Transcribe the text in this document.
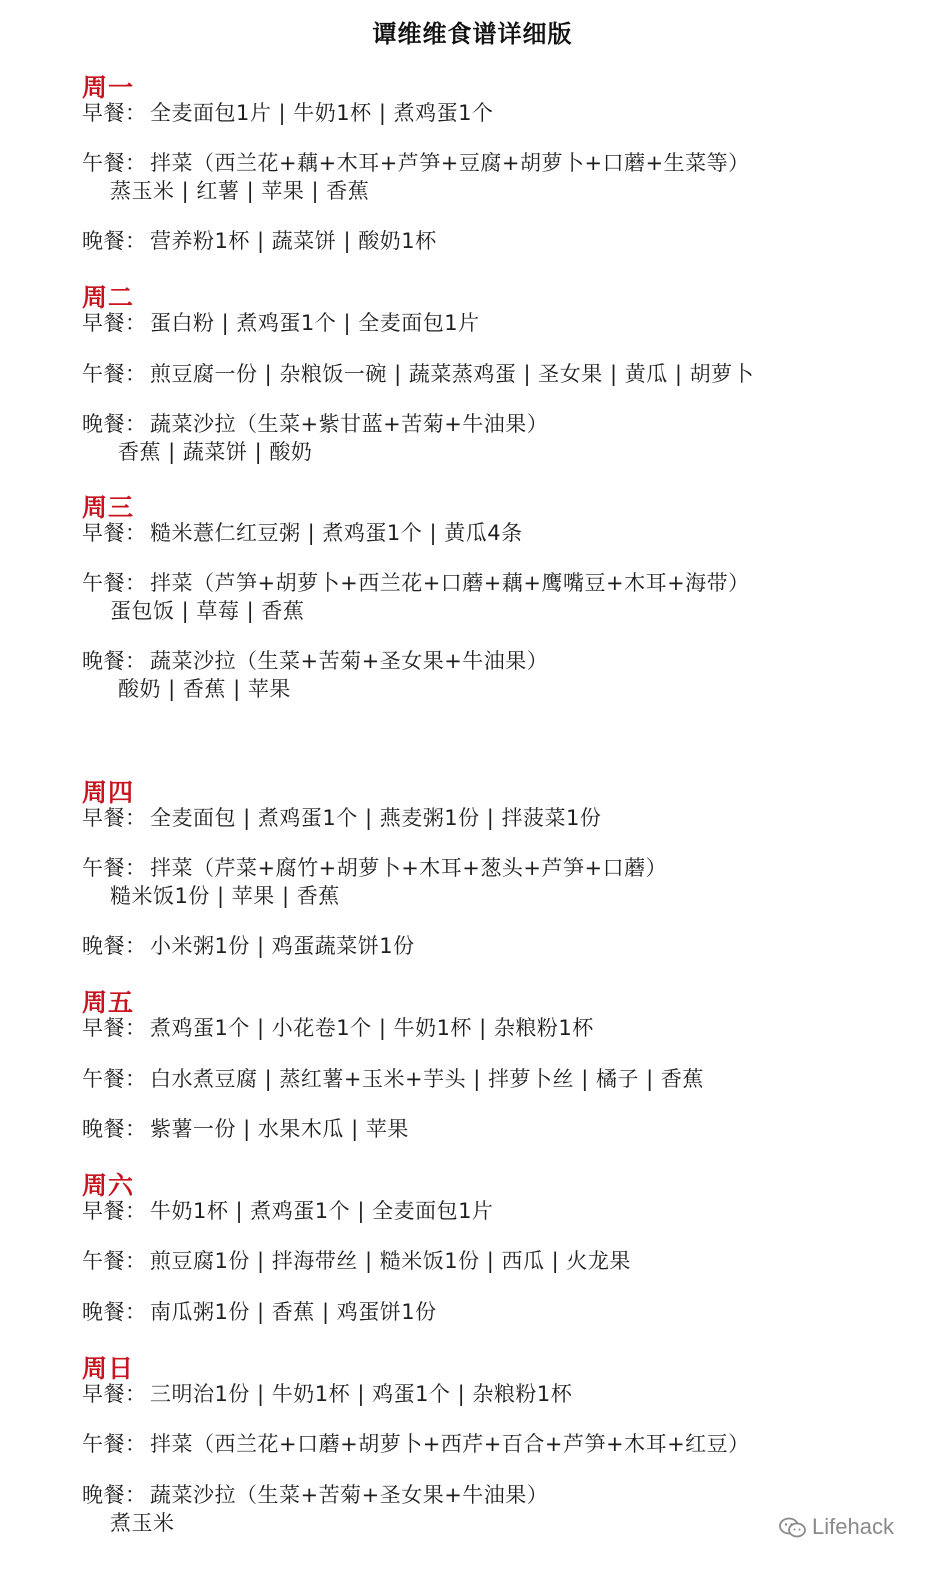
谭维维食谱详细版
周一
早餐： 全麦面包1片 | 牛奶1杯 | 煮鸡蛋1个
午餐： 拌菜（西兰花+藕+木耳+芦笋+豆腐+胡萝卜+口蘑+生菜等）
蒸玉米 | 红薯 | 苹果 | 香蕉
晚餐： 营养粉1杯 | 蔬菜饼 | 酸奶1杯
周二
早餐： 蛋白粉 | 煮鸡蛋1个 | 全麦面包1片
午餐： 煎豆腐一份 | 杂粮饭一碗 | 蔬菜蒸鸡蛋 | 圣女果 | 黄瓜 | 胡萝卜
晚餐： 蔬菜沙拉（生菜+紫甘蓝+苦菊+牛油果）
香蕉 | 蔬菜饼 | 酸奶
周三
早餐： 糙米薏仁红豆粥 | 煮鸡蛋1个 | 黄瓜4条
午餐： 拌菜（芦笋+胡萝卜+西兰花+口蘑+藕+鹰嘴豆+木耳+海带）
蛋包饭 | 草莓 | 香蕉
晚餐： 蔬菜沙拉（生菜+苦菊+圣女果+牛油果）
酸奶 | 香蕉 | 苹果
周四
早餐： 全麦面包 | 煮鸡蛋1个 | 燕麦粥1份 | 拌菠菜1份
午餐： 拌菜（芹菜+腐竹+胡萝卜+木耳+葱头+芦笋+口蘑）
糙米饭1份 | 苹果 | 香蕉
晚餐： 小米粥1份 | 鸡蛋蔬菜饼1份
周五
早餐： 煮鸡蛋1个 | 小花卷1个 | 牛奶1杯 | 杂粮粉1杯
午餐： 白水煮豆腐 | 蒸红薯+玉米+芋头 | 拌萝卜丝 | 橘子 | 香蕉
晚餐： 紫薯一份 | 水果木瓜 | 苹果
周六
早餐： 牛奶1杯 | 煮鸡蛋1个 | 全麦面包1片
午餐： 煎豆腐1份 | 拌海带丝 | 糙米饭1份 | 西瓜 | 火龙果
晚餐： 南瓜粥1份 | 香蕉 | 鸡蛋饼1份
周日
早餐： 三明治1份 | 牛奶1杯 | 鸡蛋1个 | 杂粮粉1杯
午餐： 拌菜（西兰花+口蘑+胡萝卜+西芹+百合+芦笋+木耳+红豆）
晚餐： 蔬菜沙拉（生菜+苦菊+圣女果+牛油果）
煮玉米	Lifehack
